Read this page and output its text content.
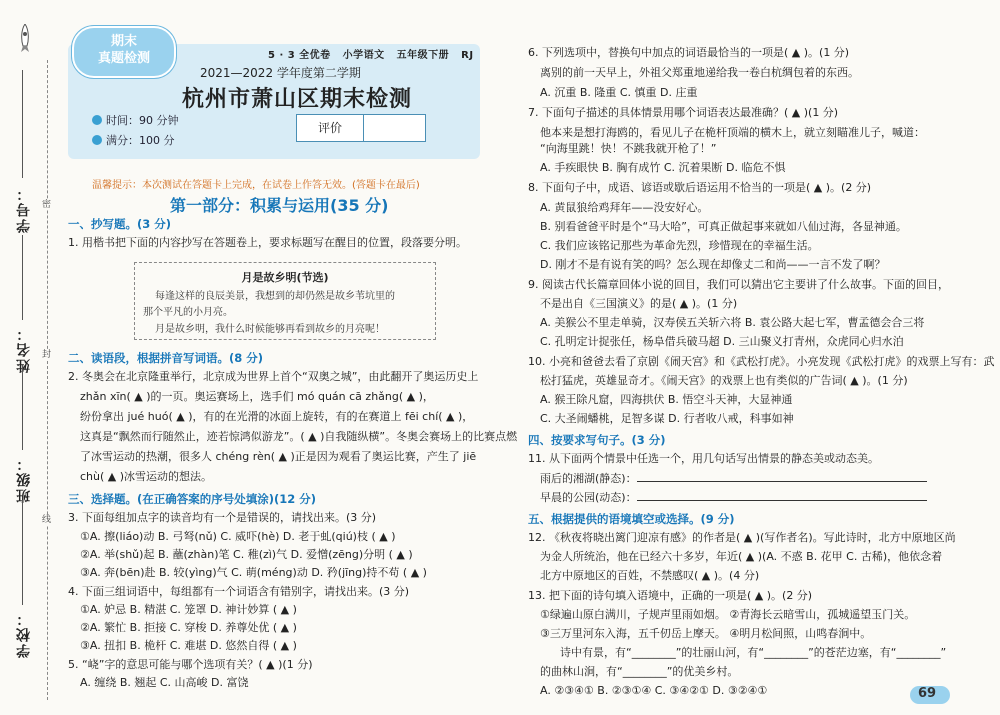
学号：
姓名：
班级：
学校：
密
封
线
期末
真题检测	5 · 3 全优卷 小学语文 五年级下册 RJ
2021—2022 学年度第二学期
杭州市萧山区期末检测
时间：90 分钟
满分：100 分
评价
温馨提示：本次测试在答题卡上完成，在试卷上作答无效。(答题卡在最后)
第一部分：积累与运用(35 分)
一、抄写题。(3 分)
1. 用楷书把下面的内容抄写在答题卷上，要求标题写在醒目的位置，段落要分明。
月是故乡明(节选)
每逢这样的良辰美景，我想到的却仍然是故乡苇坑里的
那个平凡的小月亮。
月是故乡明，我什么时候能够再看到故乡的月亮呢！
二、读语段，根据拼音写词语。(8 分)
2. 冬奥会在北京隆重举行，北京成为世界上首个“双奥之城”，由此翻开了奥运历史上
zhǎn xīn( ▲ )的一页。奥运赛场上，选手们 mó quán cā zhǎng( ▲ )，
纷份拿出 jué huó( ▲ )，有的在光滑的冰面上旋转，有的在赛道上 fēi chí( ▲ )，
这真是“飘然而行随然止，迹若惊鸿似游龙”。( ▲ )自我随纵横”。冬奥会赛场上的比赛点燃
了冰雪运动的热潮，很多人 chéng rèn( ▲ )正是因为观看了奥运比赛，产生了 jiē
chù( ▲ )冰雪运动的想法。
三、选择题。(在正确答案的序号处填涂)(12 分)
3. 下面每组加点字的读音均有一个是错误的，请找出来。(3 分)
①A. 擦(liáo)动 B. 弓弩(nǔ) C. 威吓(hè) D. 老于虬(qiú)枝 ( ▲ )
②A. 举(shǔ)起 B. 蘸(zhàn)笔 C. 稚(zì)气 D. 爱憎(zēng)分明 ( ▲ )
③A. 奔(bēn)赴 B. 较(yìng)气 C. 萌(méng)动 D. 矜(jīng)持不苟 ( ▲ )
4. 下面三组词语中，每组都有一个词语含有错别字，请找出来。(3 分)
①A. 妒忌 B. 精湛 C. 笼罩 D. 神计妙算 ( ▲ )
②A. 繁忙 B. 拒接 C. 穿梭 D. 养尊处优 ( ▲ )
③A. 扭扣 B. 桅杆 C. 难堪 D. 悠然自得 ( ▲ )
5. “峣”字的意思可能与哪个选项有关？( ▲ )(1 分)
A. 缠绕 B. 翘起 C. 山高峻 D. 富饶
6. 下列选项中，替换句中加点的词语最恰当的一项是( ▲ )。(1 分)
离别的前一天早上，外祖父郑重地递给我一卷白杭绸包着的东西。
A. 沉重 B. 隆重 C. 慎重 D. 庄重
7. 下面句子描述的具体情景用哪个词语表达最准确？( ▲ )(1 分)
他本来是想打海鸥的，看见儿子在桅杆顶端的横木上，就立刻瞄准儿子，喊道：
“向海里跳！快！不跳我就开枪了！”
A. 手疾眼快 B. 胸有成竹 C. 沉着果断 D. 临危不惧
8. 下面句子中，成语、谚语或歇后语运用不恰当的一项是( ▲ )。(2 分)
A. 黄鼠狼给鸡拜年——没安好心。
B. 别看爸爸平时是个“马大哈”，可真正做起事来就如八仙过海，各显神通。
C. 我们应该铭记那些为革命先烈，珍惜现在的幸福生活。
D. 刚才不是有说有笑的吗？怎么现在却像丈二和尚——一言不发了啊？
9. 阅读古代长篇章回体小说的回目，我们可以猜出它主要讲了什么故事。下面的回目，
不是出自《三国演义》的是( ▲ )。(1 分)
A. 美猴公不里走单骑，汉寿侯五关斩六将 B. 袁公路大起七军，曹孟德会合三将
C. 孔明定计捉张任，杨阜借兵破马超 D. 三山聚义打青州，众虎同心归水泊
10. 小亮和爸爸去看了京剧《闹天宫》和《武松打虎》。小亮发现《武松打虎》的戏票上写有：武
松打猛虎，英雄显奇才。《闹天宫》的戏票上也有类似的广告词( ▲ )。(1 分)
A. 猴王除凡窟，四海拱伏 B. 悟空斗天神，大显神通
C. 大圣闹蟠桃，足智多谋 D. 行者收八戒，科事如神
四、按要求写句子。(3 分)
11. 从下面两个情景中任选一个，用几句话写出情景的静态美或动态美。
雨后的湘湖(静态)：
早晨的公园(动态)：
五、根据提供的语境填空或选择。(9 分)
12. 《秋夜将晓出篱门迎凉有感》的作者是( ▲ )(写作者名)。写此诗时，北方中原地区尚
为金人所统治，他在已经六十多岁，年近( ▲ )(A. 不惑 B. 花甲 C. 古稀)，他依念着
北方中原地区的百姓，不禁感叹( ▲ )。(4 分)
13. 把下面的诗句填入语境中，正确的一项是( ▲ )。(2 分)
①绿遍山原白满川，子规声里雨如烟。 ②青海长云暗雪山，孤城遥望玉门关。
③三万里河东入海，五千仞岳上摩天。 ④明月松间照，山鸣春涧中。
诗中有景，有“________”的壮丽山河，有“________”的苍茫边塞，有“________”
的曲林山涧，有“________”的优美乡村。
A. ②③④① B. ②③①④ C. ③④②① D. ③②④①	69
